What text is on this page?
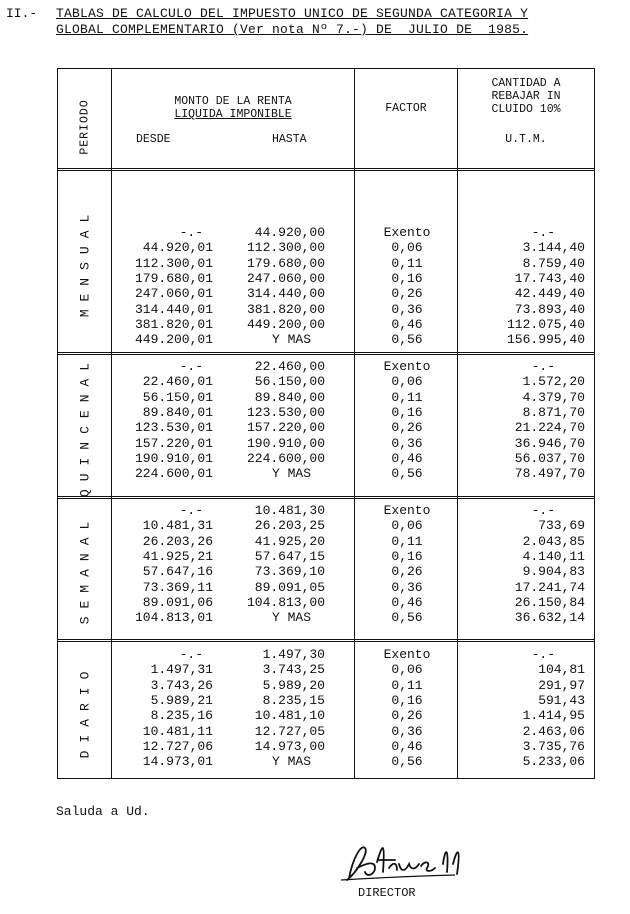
II.- TABLAS DE CALCULO DEL IMPUESTO UNICO DE SEGUNDA CATEGORIA Y
GLOBAL COMPLEMENTARIO (Ver nota Nº 7.-) DE  JULIO DE  1985.
PERIODO	MONTO DE LA RENTA
LIQUIDA IMPONIBLE
DESDE	HASTA
FACTOR
CANTIDAD A
REBAJAR IN
CLUIDO 10%
U.T.M.
MENSUAL	-.-	44.920,00	Exento	-.-
44.920,01	112.300,00	0,06	3.144,40
112.300,01	179.680,00	0,11	8.759,40
179.680,01	247.060,00	0,16	17.743,40
247.060,01	314.440,00	0,26	42.449,40
314.440,01	381.820,00	0,36	73.893,40
381.820,01	449.200,00	0,46	112.075,40
449.200,01	Y MAS	0,56	156.995,40
QUINCENAL	-.-	22.460,00	Exento	-.-
22.460,01	56.150,00	0,06	1.572,20
56.150,01	89.840,00	0,11	4.379,70
89.840,01	123.530,00	0,16	8.871,70
123.530,01	157.220,00	0,26	21.224,70
157.220,01	190.910,00	0,36	36.946,70
190.910,01	224.600,00	0,46	56.037,70
224.600,01	Y MAS	0,56	78.497,70
SEMANAL
-.-	10.481,30	Exento	-.-
10.481,31	26.203,25	0,06	733,69
26.203,26	41.925,20	0,11	2.043,85
41.925,21	57.647,15	0,16	4.140,11
57.647,16	73.369,10	0,26	9.904,83
73.369,11	89.091,05	0,36	17.241,74
89.091,06	104.813,00	0,46	26.150,84
104.813,01	Y MAS	0,56	36.632,14
DIARIO
-.-	1.497,30	Exento	-.-
1.497,31	3.743,25	0,06	104,81
3.743,26	5.989,20	0,11	291,97
5.989,21	8.235,15	0,16	591,43
8.235,16	10.481,10	0,26	1.414,95
10.481,11	12.727,05	0,36	2.463,06
12.727,06	14.973,00	0,46	3.735,76
14.973,01	Y MAS	0,56	5.233,06
Saluda a Ud.
DIRECTOR
